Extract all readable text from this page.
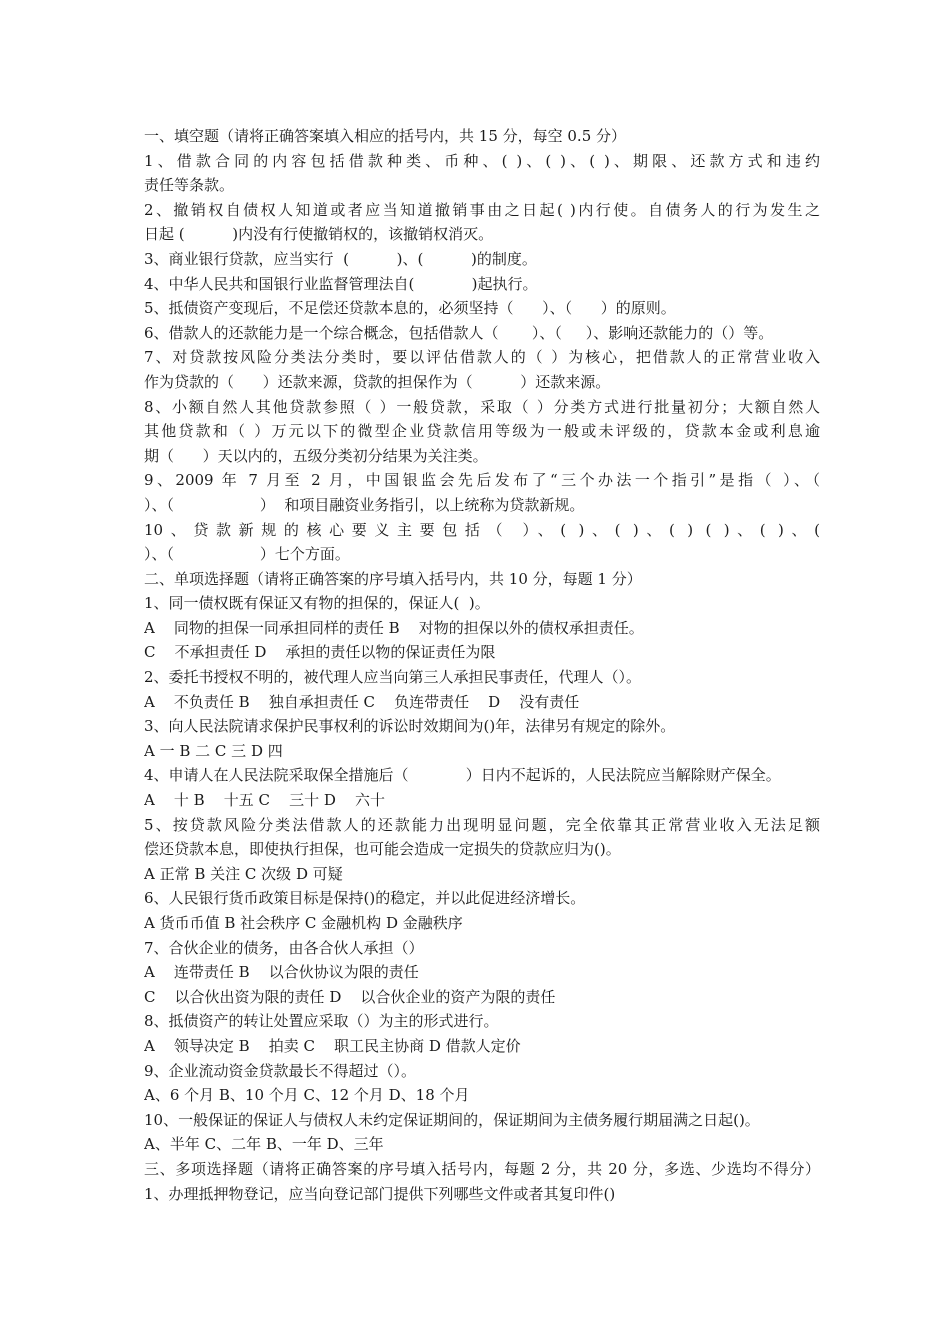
一、填空题（请将正确答案填入相应的括号内，共 15 分，每空 0.5 分）
1、借款合同的内容包括借款种类、币种、( )、( )、( )、期限、还款方式和违约
责任等条款。
2、撤销权自债权人知道或者应当知道撤销事由之日起( )内行使。自债务人的行为发生之
日起 (          )内没有行使撤销权的，该撤销权消灭。
3、商业银行贷款，应当实行  (          )、(          )的制度。
4、中华人民共和国银行业监督管理法自(            )起执行。
5、抵债资产变现后，不足偿还贷款本息的，必须坚持（      ）、（      ）的原则。
6、借款人的还款能力是一个综合概念，包括借款人（       ）、（     ）、影响还款能力的（）等。
7、对贷款按风险分类法分类时，要以评估借款人的（ ）为核心，把借款人的正常营业收入
作为贷款的（      ）还款来源，贷款的担保作为（          ）还款来源。
8、小额自然人其他贷款参照（ ）一般贷款，采取（ ）分类方式进行批量初分；大额自然人
其他贷款和（ ）万元以下的微型企业贷款信用等级为一般或未评级的，贷款本金或利息逾
期（      ）天以内的，五级分类初分结果为关注类。
9、2009 年 7 月至 2 月，中国银监会先后发布了“三个办法一个指引”是指（ ）、（
）、（                  ）  和项目融资业务指引，以上统称为贷款新规。
10、贷款新规的核心要义主要包括（ ）、( )、( )、( ) ( )、( )、(
）、（                  ）七个方面。
二、单项选择题（请将正确答案的序号填入括号内，共 10 分，每题 1 分）
1、同一债权既有保证又有物的担保的，保证人(  )。
A    同物的担保一同承担同样的责任 B    对物的担保以外的债权承担责任。
C    不承担责任 D    承担的责任以物的保证责任为限
2、委托书授权不明的，被代理人应当向第三人承担民事责任，代理人（）。
A    不负责任 B    独自承担责任 C    负连带责任    D    没有责任
3、向人民法院请求保护民事权利的诉讼时效期间为()年，法律另有规定的除外。
A 一 B 二 C 三 D 四
4、申请人在人民法院采取保全措施后（            ）日内不起诉的，人民法院应当解除财产保全。
A    十 B    十五 C    三十 D    六十
5、按贷款风险分类法借款人的还款能力出现明显问题，完全依靠其正常营业收入无法足额
偿还贷款本息，即使执行担保，也可能会造成一定损失的贷款应归为()。
A 正常 B 关注 C 次级 D 可疑
6、人民银行货币政策目标是保持()的稳定，并以此促进经济增长。
A 货币币值 B 社会秩序 C 金融机构 D 金融秩序
7、合伙企业的债务，由各合伙人承担（）
A    连带责任 B    以合伙协议为限的责任
C    以合伙出资为限的责任 D    以合伙企业的资产为限的责任
8、抵债资产的转让处置应采取（）为主的形式进行。
A    领导决定 B    拍卖 C    职工民主协商 D 借款人定价
9、企业流动资金贷款最长不得超过（）。
A、6 个月 B、10 个月 C、12 个月 D、18 个月
10、一般保证的保证人与债权人未约定保证期间的，保证期间为主债务履行期届满之日起()。
A、半年 C、二年 B、一年 D、三年
三、多项选择题（请将正确答案的序号填入括号内，每题 2 分，共 20 分，多选、少选均不得分）
1、办理抵押物登记，应当向登记部门提供下列哪些文件或者其复印件()
